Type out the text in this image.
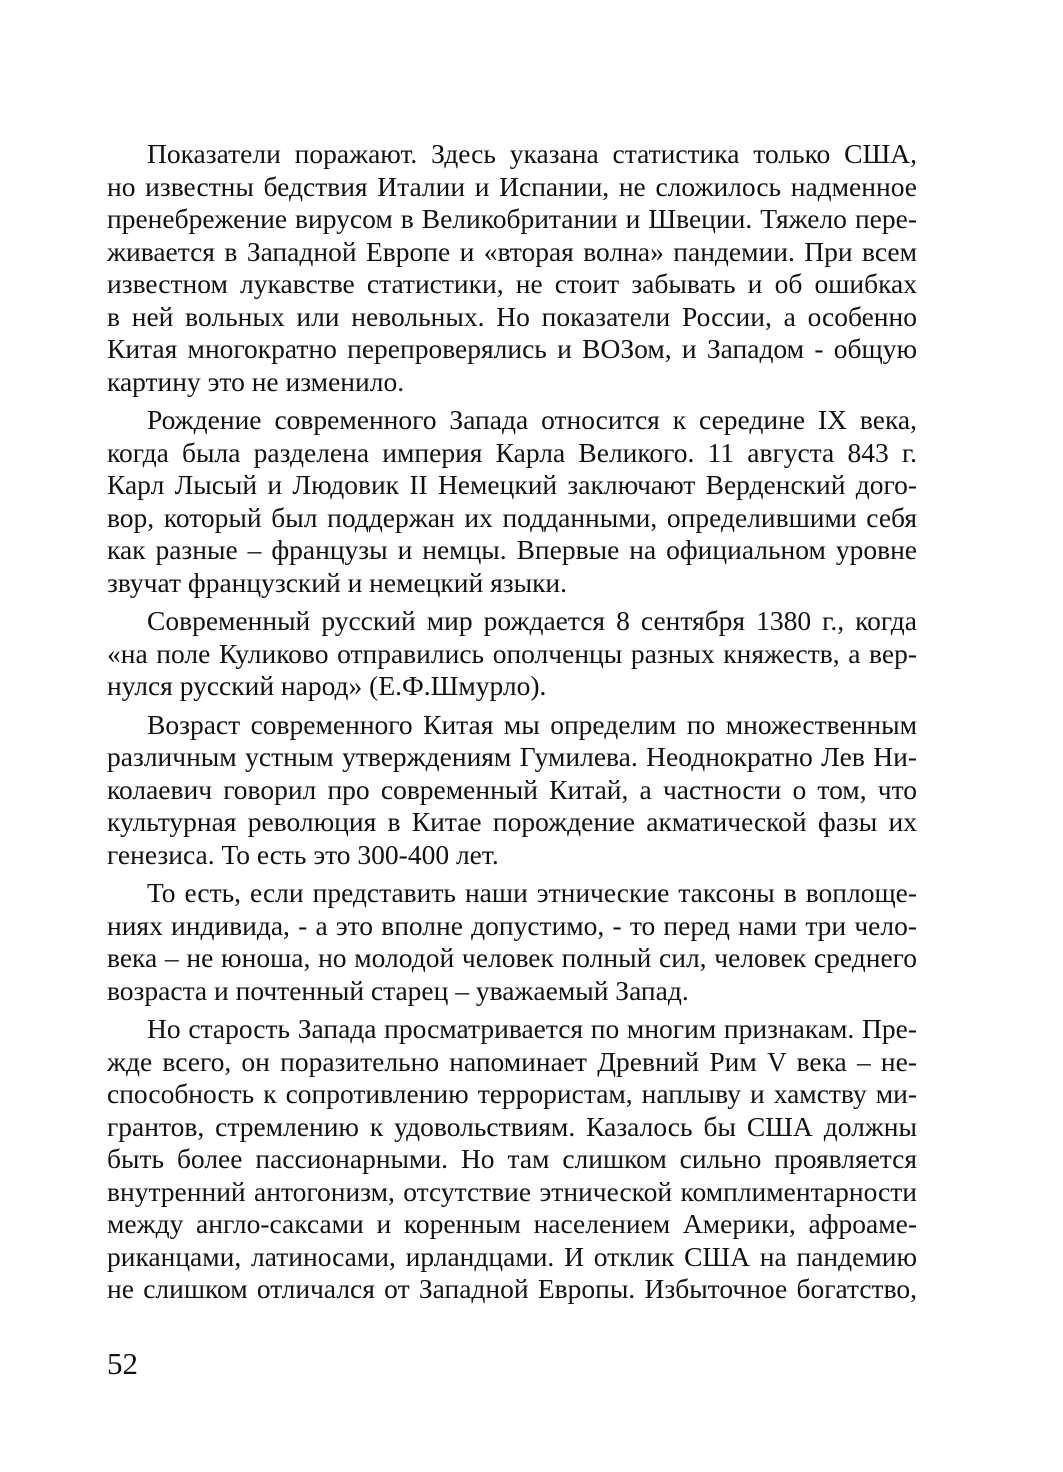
Показатели поражают. Здесь указана статистика только США,
но известны бедствия Италии и Испании, не сложилось надменное
пренебрежение вирусом в Великобритании и Швеции. Тяжело пере-
живается в Западной Европе и «вторая волна» пандемии. При всем
известном лукавстве статистики, не стоит забывать и об ошибках
в ней вольных или невольных. Но показатели России, а особенно
Китая многократно перепроверялись и ВОЗом, и Западом - общую
картину это не изменило.
Рождение современного Запада относится к середине IX века,
когда была разделена империя Карла Великого. 11 августа 843 г.
Карл Лысый и Людовик II Немецкий заключают Верденский дого-
вор, который был поддержан их подданными, определившими себя
как разные – французы и немцы. Впервые на официальном уровне
звучат французский и немецкий языки.
Современный русский мир рождается 8 сентября 1380 г., когда
«на поле Куликово отправились ополченцы разных княжеств, а вер-
нулся русский народ» (Е.Ф.Шмурло).
Возраст современного Китая мы определим по множественным
различным устным утверждениям Гумилева. Неоднократно Лев Ни-
колаевич говорил про современный Китай, а частности о том, что
культурная революция в Китае порождение акматической фазы их
генезиса. То есть это 300-400 лет.
То есть, если представить наши этнические таксоны в воплоще-
ниях индивида, - а это вполне допустимо, - то перед нами три чело-
века – не юноша, но молодой человек полный сил, человек среднего
возраста и почтенный старец – уважаемый Запад.
Но старость Запада просматривается по многим признакам. Пре-
жде всего, он поразительно напоминает Древний Рим V века – не-
способность к сопротивлению террористам, наплыву и хамству ми-
грантов, стремлению к удовольствиям. Казалось бы США должны
быть более пассионарными. Но там слишком сильно проявляется
внутренний антогонизм, отсутствие этнической комплиментарности
между англо-саксами и коренным населением Америки, афроаме-
риканцами, латиносами, ирландцами. И отклик США на пандемию
не слишком отличался от Западной Европы. Избыточное богатство,
52
